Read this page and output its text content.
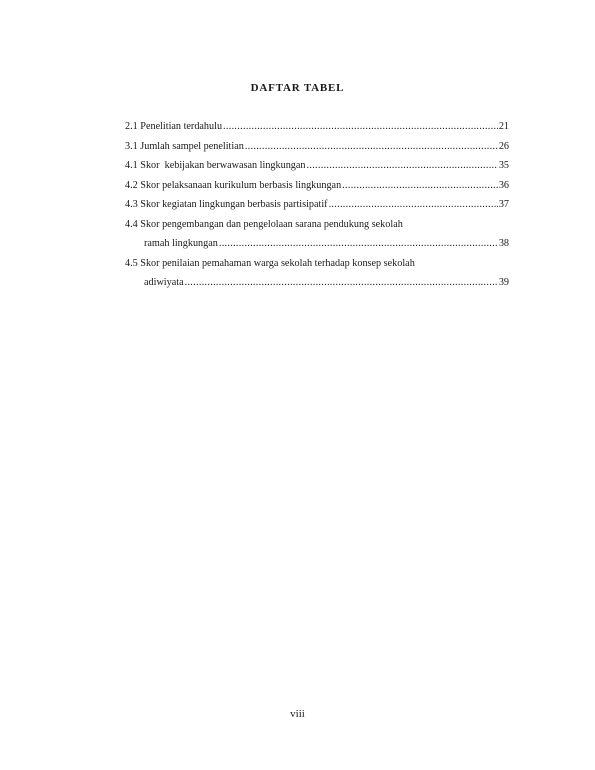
DAFTAR TABEL
2.1 Penelitian terdahulu .....	21
3.1 Jumlah sampel penelitian .....	26
4.1 Skor  kebijakan berwawasan lingkungan .....	35
4.2 Skor pelaksanaan kurikulum berbasis lingkungan .....	36
4.3 Skor kegiatan lingkungan berbasis partisipatif .....	37
4.4 Skor pengembangan dan pengelolaan sarana pendukung sekolah
ramah lingkungan .....	38
4.5 Skor penilaian pemahaman warga sekolah terhadap konsep sekolah
adiwiyata .....	39
viii
